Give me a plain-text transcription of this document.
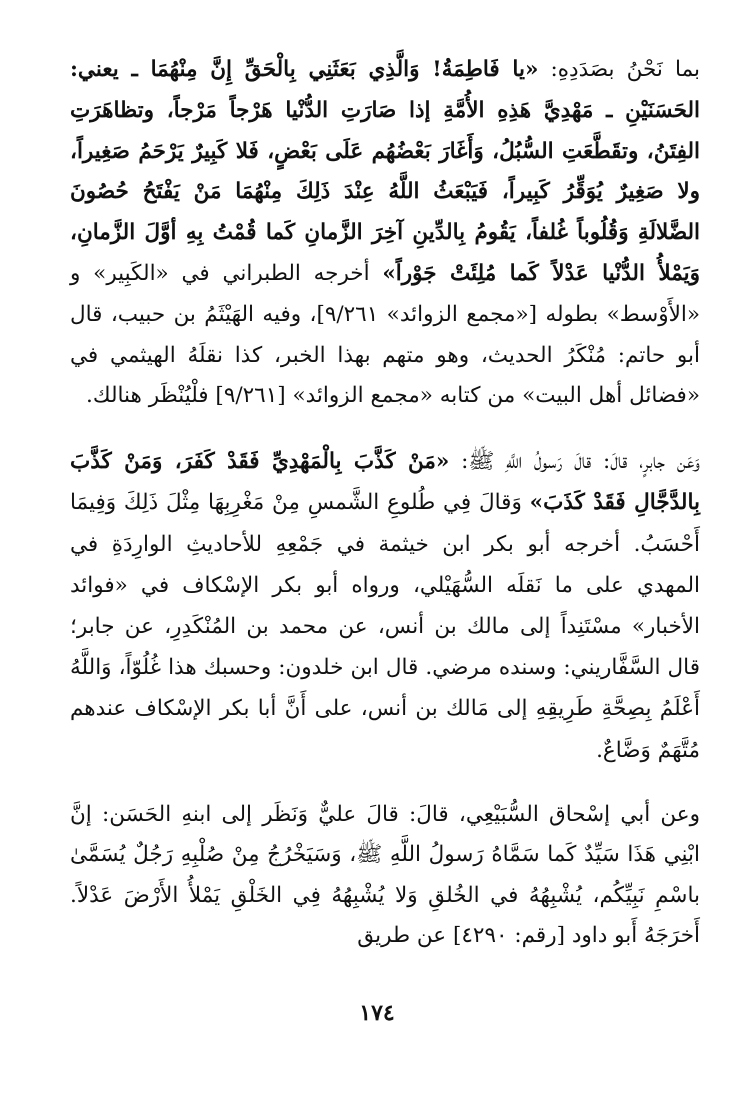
بما نَحْنُ بصَدَدِهِ: «يا فَاطِمَةُ! وَالَّذِي بَعَثَنِي بِالْحَقِّ إِنَّ مِنْهُمَا ـ يعني: الحَسَنَيْنِ ـ مَهْدِيَّ هَذِهِ الأُمَّةِ إذا صَارَتِ الدُّنْيا هَرْجاً مَرْجاً، وتظاهَرَتِ الفِتَنُ، وتقَطَّعَتِ السُّبُلُ، وَأَغَارَ بَعْضُهُم عَلَى بَعْضٍ، فَلا كَبِيرٌ يَرْحَمُ صَغِيراً، ولا صَغِيرٌ يُوَقِّرُ كَبِيراً، فَيَبْعَثُ اللَّهُ عِنْدَ ذَلِكَ مِنْهُمَا مَنْ يَفْتَحُ حُصُونَ الضَّلالَةِ وَقُلُوباً غُلفاً، يَقُومُ بِالدِّينِ آخِرَ الزَّمانِ كَما قُمْتُ بِهِ أوَّلَ الزَّمانِ، وَيَمْلأُ الدُّنْيا عَدْلاً كَما مُلِئَتْ جَوْراً» أخرجه الطبراني في «الكَبِير» و «الأَوْسط» بطوله [«مجمع الزوائد» ٩/٢٦١]، وفيه الهَيْثَمُ بن حبيب، قال أبو حاتم: مُنْكَرُ الحديث، وهو متهم بهذا الخبر، كذا نقلَهُ الهيثمي في «فضائل أهل البيت» من كتابه «مجمع الزوائد» [٩/٢٦١] فلْيُنْظَر هنالك.

وَعَن جابرٍ، قالَ: قالَ رَسولُ اللَّهِ ﷺ: «مَنْ كَذَّبَ بِالْمَهْدِيِّ فَقَدْ كَفَرَ، وَمَنْ كَذَّبَ بِالدَّجَّالِ فَقَدْ كَذَبَ» وَقالَ فِي طُلوعِ الشَّمسِ مِنْ مَغْرِبِهَا مِثْلَ ذَلِكَ وَفِيمَا أَحْسَبُ. أخرجه أبو بكر ابن خيثمة في جَمْعِهِ للأحاديثِ الوارِدَةِ في المهدي على ما نَقلَه السُّهَيْلي، ورواه أبو بكر الإسْكاف في «فوائد الأخبار» مسْتَنِداً إلى مالك بن أنس، عن محمد بن المُنْكَدِرِ، عن جابر؛ قال السَّفَّاريني: وسنده مرضي. قال ابن خلدون: وحسبك هذا غُلُوّاً، وَاللَّهُ أَعْلَمُ بِصِحَّةِ طَرِيقِهِ إلى مَالك بن أنس، على أَنَّ أبا بكر الإسْكاف عندهم مُتَّهَمٌ وَضَّاعٌ.

وعن أبي إسْحاق السُّبَيْعِي، قالَ: قالَ عليٌّ وَنَظَر إلى ابنهِ الحَسَن: إنَّ ابْنِي هَذَا سَيِّدٌ كَما سَمَّاهُ رَسولُ اللَّهِ ﷺ، وَسَيَخْرُجُ مِنْ صُلْبِهِ رَجُلٌ يُسَمَّىٰ باسْمِ نَبِيِّكُم، يُشْبِهُهُ في الخُلقِ وَلا يُشْبِهُهُ فِي الخَلْقِ يَمْلأُ الأَرْضَ عَدْلاً. أَخرَجَهُ أَبو داود [رقم: ٤٢٩٠] عن طريق

١٧٤
